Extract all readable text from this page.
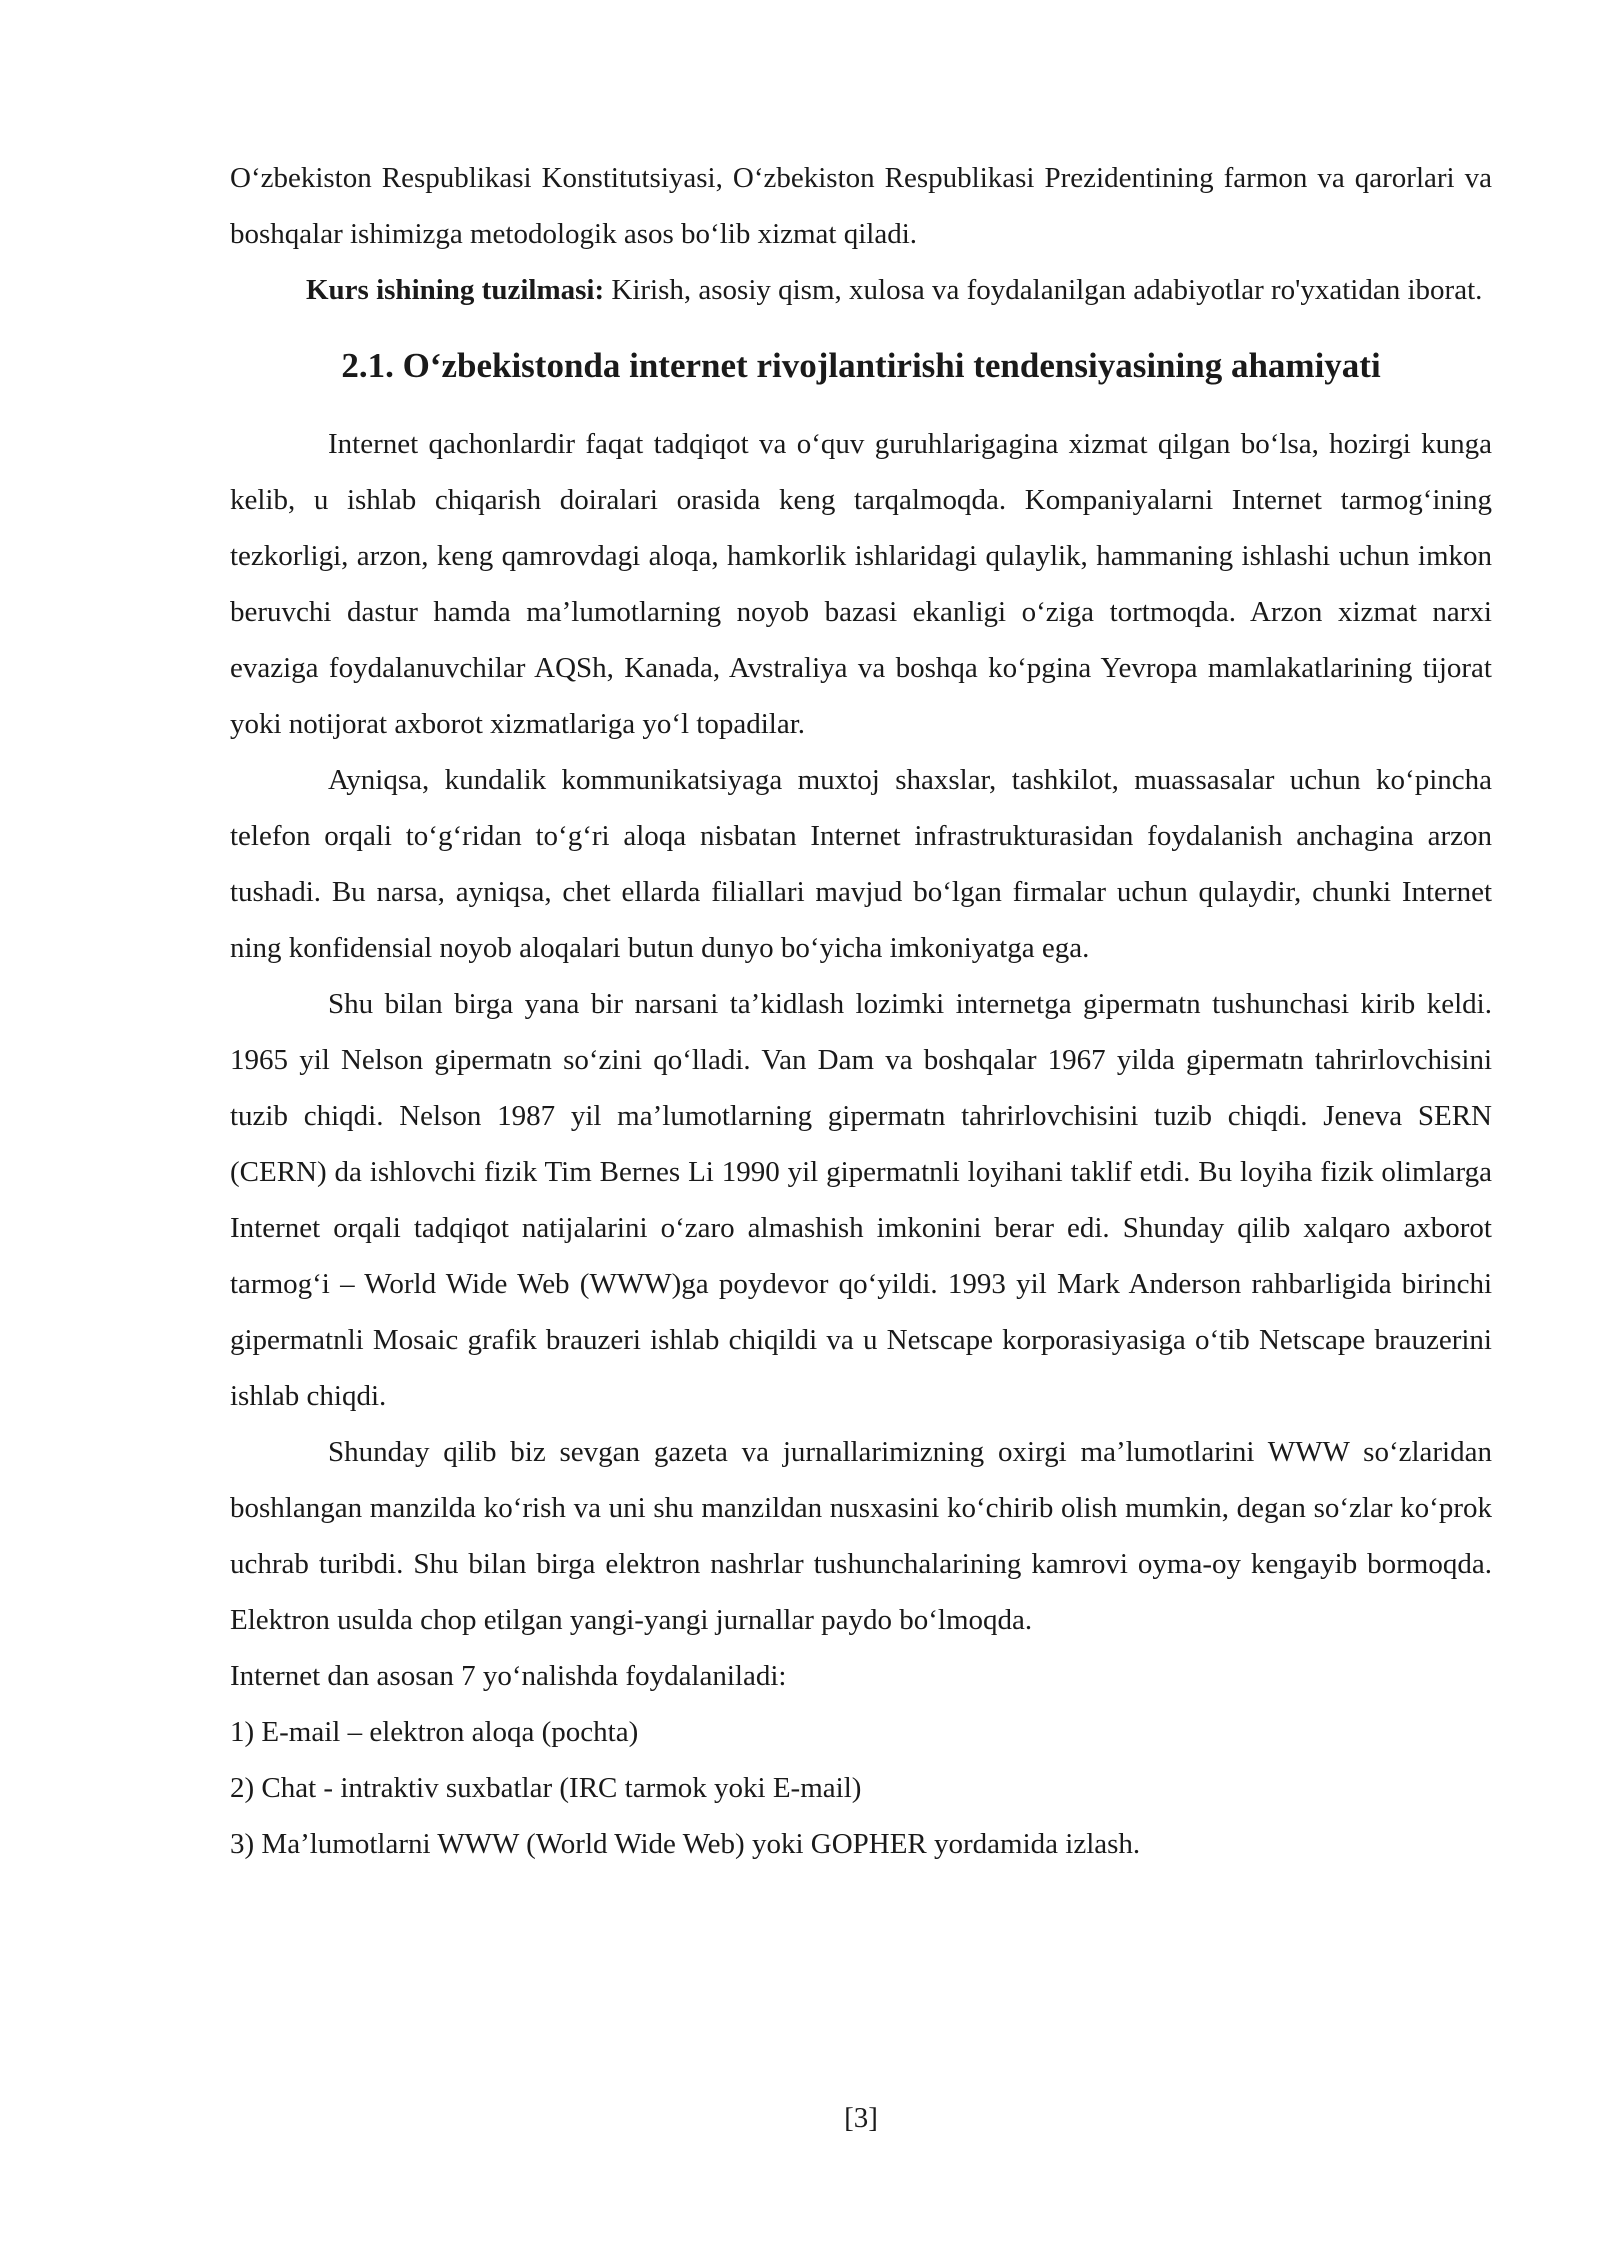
O‘zbekiston Respublikasi Konstitutsiyasi, O‘zbekiston Respublikasi Prezidentining farmon va qarorlari va boshqalar ishimizga metodologik asos bo‘lib xizmat qiladi.

Kurs ishining tuzilmasi: Kirish, asosiy qism, xulosa va foydalanilgan adabiyotlar ro'yxatidan iborat.

2.1. O‘zbekistonda internet rivojlantirishi tendensiyasining ahamiyati

Internet qachonlardir faqat tadqiqot va o‘quv guruhlarigagina xizmat qilgan bo‘lsa, hozirgi kunga kelib, u ishlab chiqarish doiralari orasida keng tarqalmoqda. Kompaniyalarni Internet tarmog‘ining tezkorligi, arzon, keng qamrovdagi aloqa, hamkorlik ishlaridagi qulaylik, hammaning ishlashi uchun imkon beruvchi dastur hamda ma’lumotlarning noyob bazasi ekanligi o‘ziga tortmoqda. Arzon xizmat narxi evaziga foydalanuvchilar AQSh, Kanada, Avstraliya va boshqa ko‘pgina Yevropa mamlakatlarining tijorat yoki notijorat axborot xizmatlariga yo‘l topadilar.

Ayniqsa, kundalik kommunikatsiyaga muxtoj shaxslar, tashkilot, muassasalar uchun ko‘pincha telefon orqali to‘g‘ridan to‘g‘ri aloqa nisbatan Internet infrastrukturasidan foydalanish anchagina arzon tushadi. Bu narsa, ayniqsa, chet ellarda filiallari mavjud bo‘lgan firmalar uchun qulaydir, chunki Internet ning konfidensial noyob aloqalari butun dunyo bo‘yicha imkoniyatga ega.

Shu bilan birga yana bir narsani ta’kidlash lozimki internetga gipermatn tushunchasi kirib keldi. 1965 yil Nelson gipermatn so‘zini qo‘lladi. Van Dam va boshqalar 1967 yilda gipermatn tahrirlovchisini tuzib chiqdi. Nelson 1987 yil ma’lumotlarning gipermatn tahrirlovchisini tuzib chiqdi. Jeneva SERN (CERN) da ishlovchi fizik Tim Bernes Li 1990 yil gipermatnli loyihani taklif etdi. Bu loyiha fizik olimlarga Internet orqali tadqiqot natijalarini o‘zaro almashish imkonini berar edi. Shunday qilib xalqaro axborot tarmog‘i – World Wide Web (WWW)ga poydevor qo‘yildi. 1993 yil Mark Anderson rahbarligida birinchi gipermatnli Mosaic grafik brauzeri ishlab chiqildi va u Netscape korporasiyasiga o‘tib Netscape brauzerini ishlab chiqdi.

Shunday qilib biz sevgan gazeta va jurnallarimizning oxirgi ma’lumotlarini WWW so‘zlaridan boshlangan manzilda ko‘rish va uni shu manzildan nusxasini ko‘chirib olish mumkin, degan so‘zlar ko‘prok uchrab turibdi. Shu bilan birga elektron nashrlar tushunchalarining kamrovi oyma-oy kengayib bormoqda. Elektron usulda chop etilgan yangi-yangi jurnallar paydo bo‘lmoqda.

Internet dan asosan 7 yo‘nalishda foydalaniladi:

1) E-mail – elektron aloqa (pochta)

2) Chat - intraktiv suxbatlar (IRC tarmok yoki E-mail)

3) Ma’lumotlarni WWW (World Wide Web) yoki GOPHER yordamida izlash.

[3]
